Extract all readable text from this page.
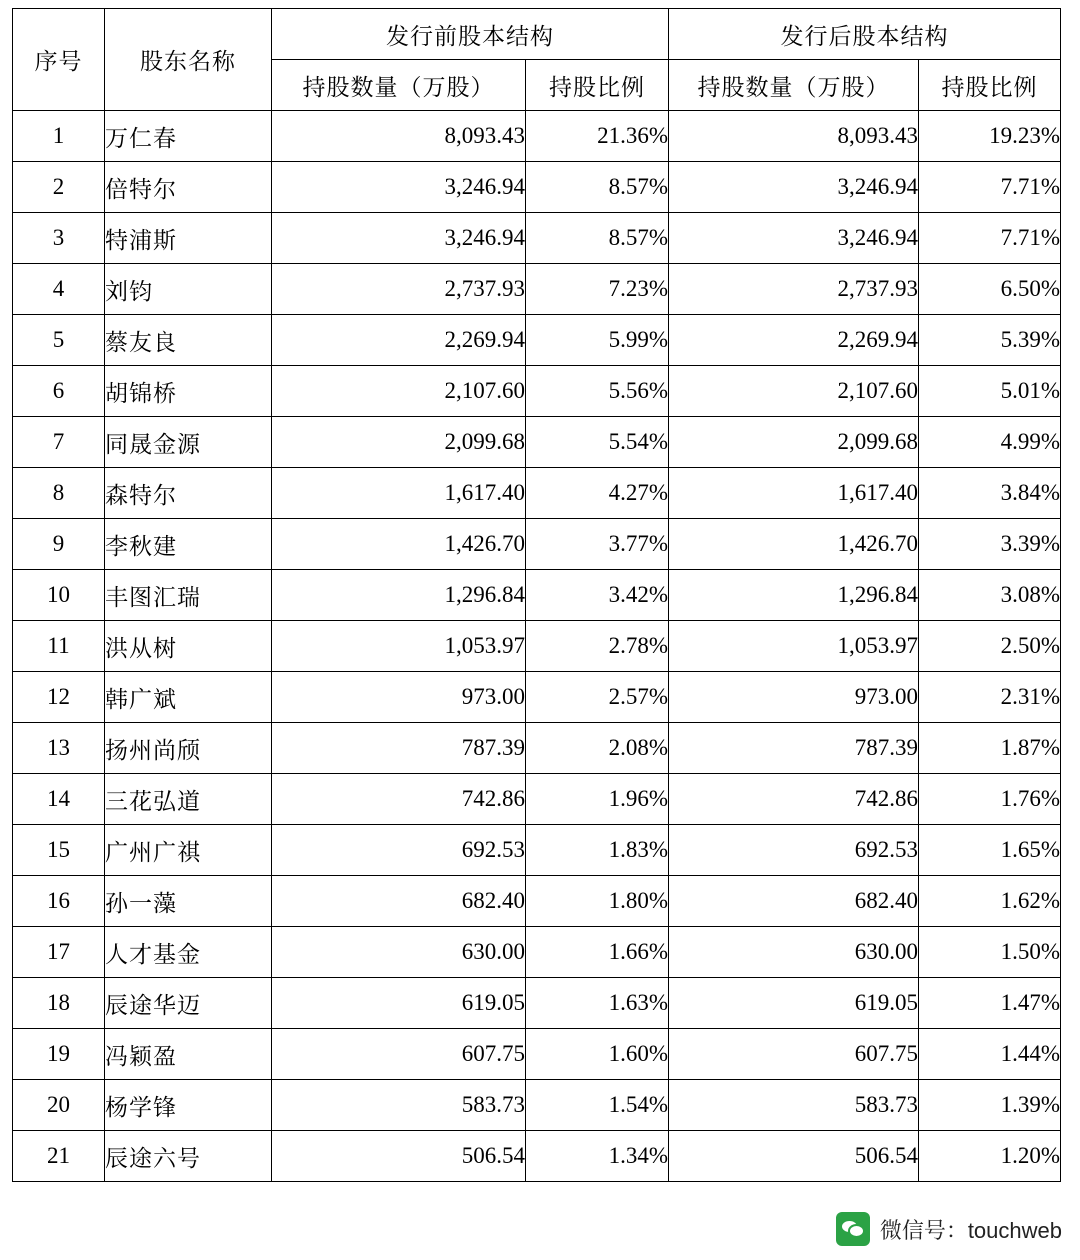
序号	股东名称	发行前股本结构		发行后股本结构	
		持股数量（万股）	持股比例	持股数量（万股）	持股比例
1	万仁春	8,093.43	21.36%	8,093.43	19.23%
2	倍特尔	3,246.94	8.57%	3,246.94	7.71%
3	特浦斯	3,246.94	8.57%	3,246.94	7.71%
4	刘钧	2,737.93	7.23%	2,737.93	6.50%
5	蔡友良	2,269.94	5.99%	2,269.94	5.39%
6	胡锦桥	2,107.60	5.56%	2,107.60	5.01%
7	同晟金源	2,099.68	5.54%	2,099.68	4.99%
8	森特尔	1,617.40	4.27%	1,617.40	3.84%
9	李秋建	1,426.70	3.77%	1,426.70	3.39%
10	丰图汇瑞	1,296.84	3.42%	1,296.84	3.08%
11	洪从树	1,053.97	2.78%	1,053.97	2.50%
12	韩广斌	973.00	2.57%	973.00	2.31%
13	扬州尚颀	787.39	2.08%	787.39	1.87%
14	三花弘道	742.86	1.96%	742.86	1.76%
15	广州广祺	692.53	1.83%	692.53	1.65%
16	孙一藻	682.40	1.80%	682.40	1.62%
17	人才基金	630.00	1.66%	630.00	1.50%
18	辰途华迈	619.05	1.63%	619.05	1.47%
19	冯颖盈	607.75	1.60%	607.75	1.44%
20	杨学锋	583.73	1.54%	583.73	1.39%
21	辰途六号	506.54	1.34%	506.54	1.20%
微信号：touchweb
